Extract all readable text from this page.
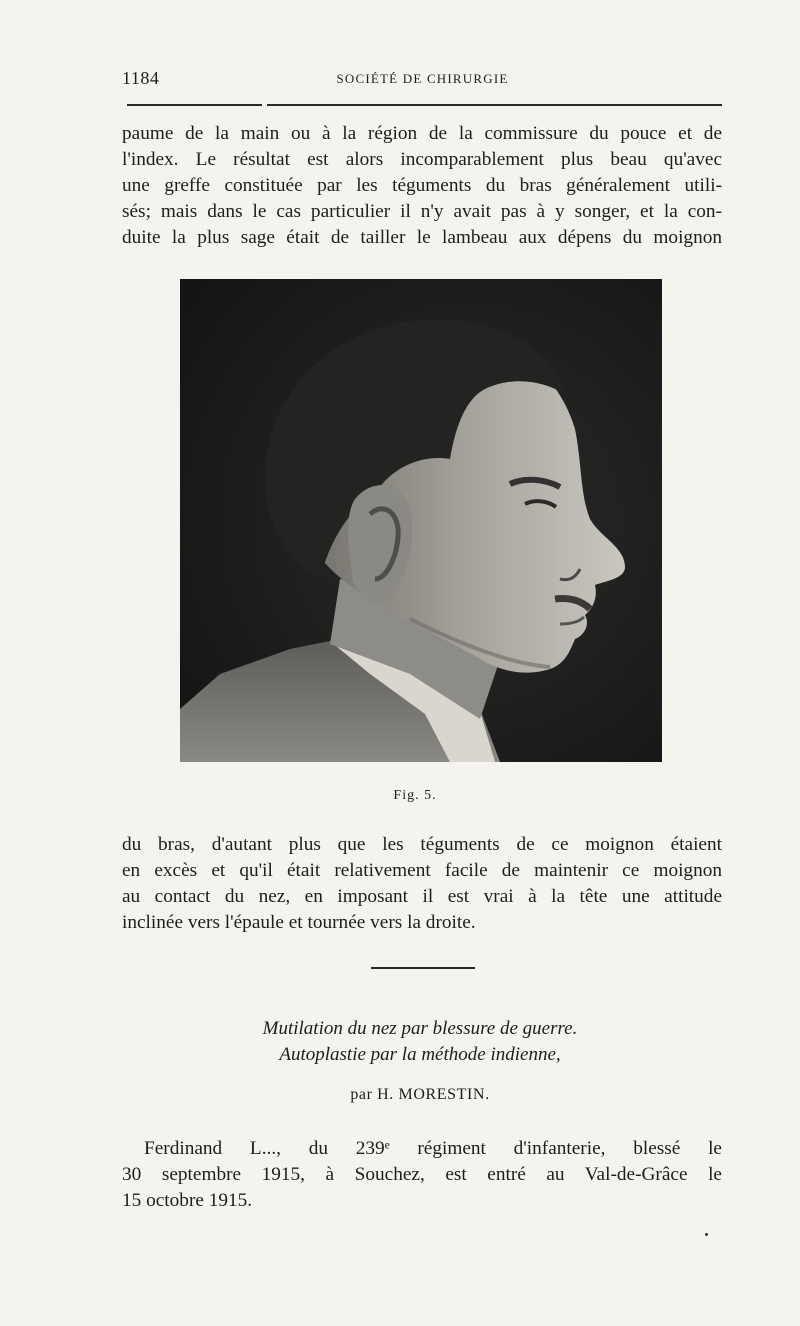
1184	SOCIÉTÉ DE CHIRURGIE

paume de la main ou à la région de la commissure du pouce et de
l'index. Le résultat est alors incomparablement plus beau qu'avec
une greffe constituée par les téguments du bras généralement utili-
sés; mais dans le cas particulier il n'y avait pas à y songer, et la con-
duite la plus sage était de tailler le lambeau aux dépens du moignon

Fig. 5.

du bras, d'autant plus que les téguments de ce moignon étaient
en excès et qu'il était relativement facile de maintenir ce moignon
au contact du nez, en imposant il est vrai à la tête une attitude
inclinée vers l'épaule et tournée vers la droite.

Mutilation du nez par blessure de guerre.
Autoplastie par la méthode indienne,
par H. MORESTIN.

Ferdinand L..., du 239ᵉ régiment d'infanterie, blessé le
30 septembre 1915, à Souchez, est entré au Val-de-Grâce le
15 octobre 1915.
